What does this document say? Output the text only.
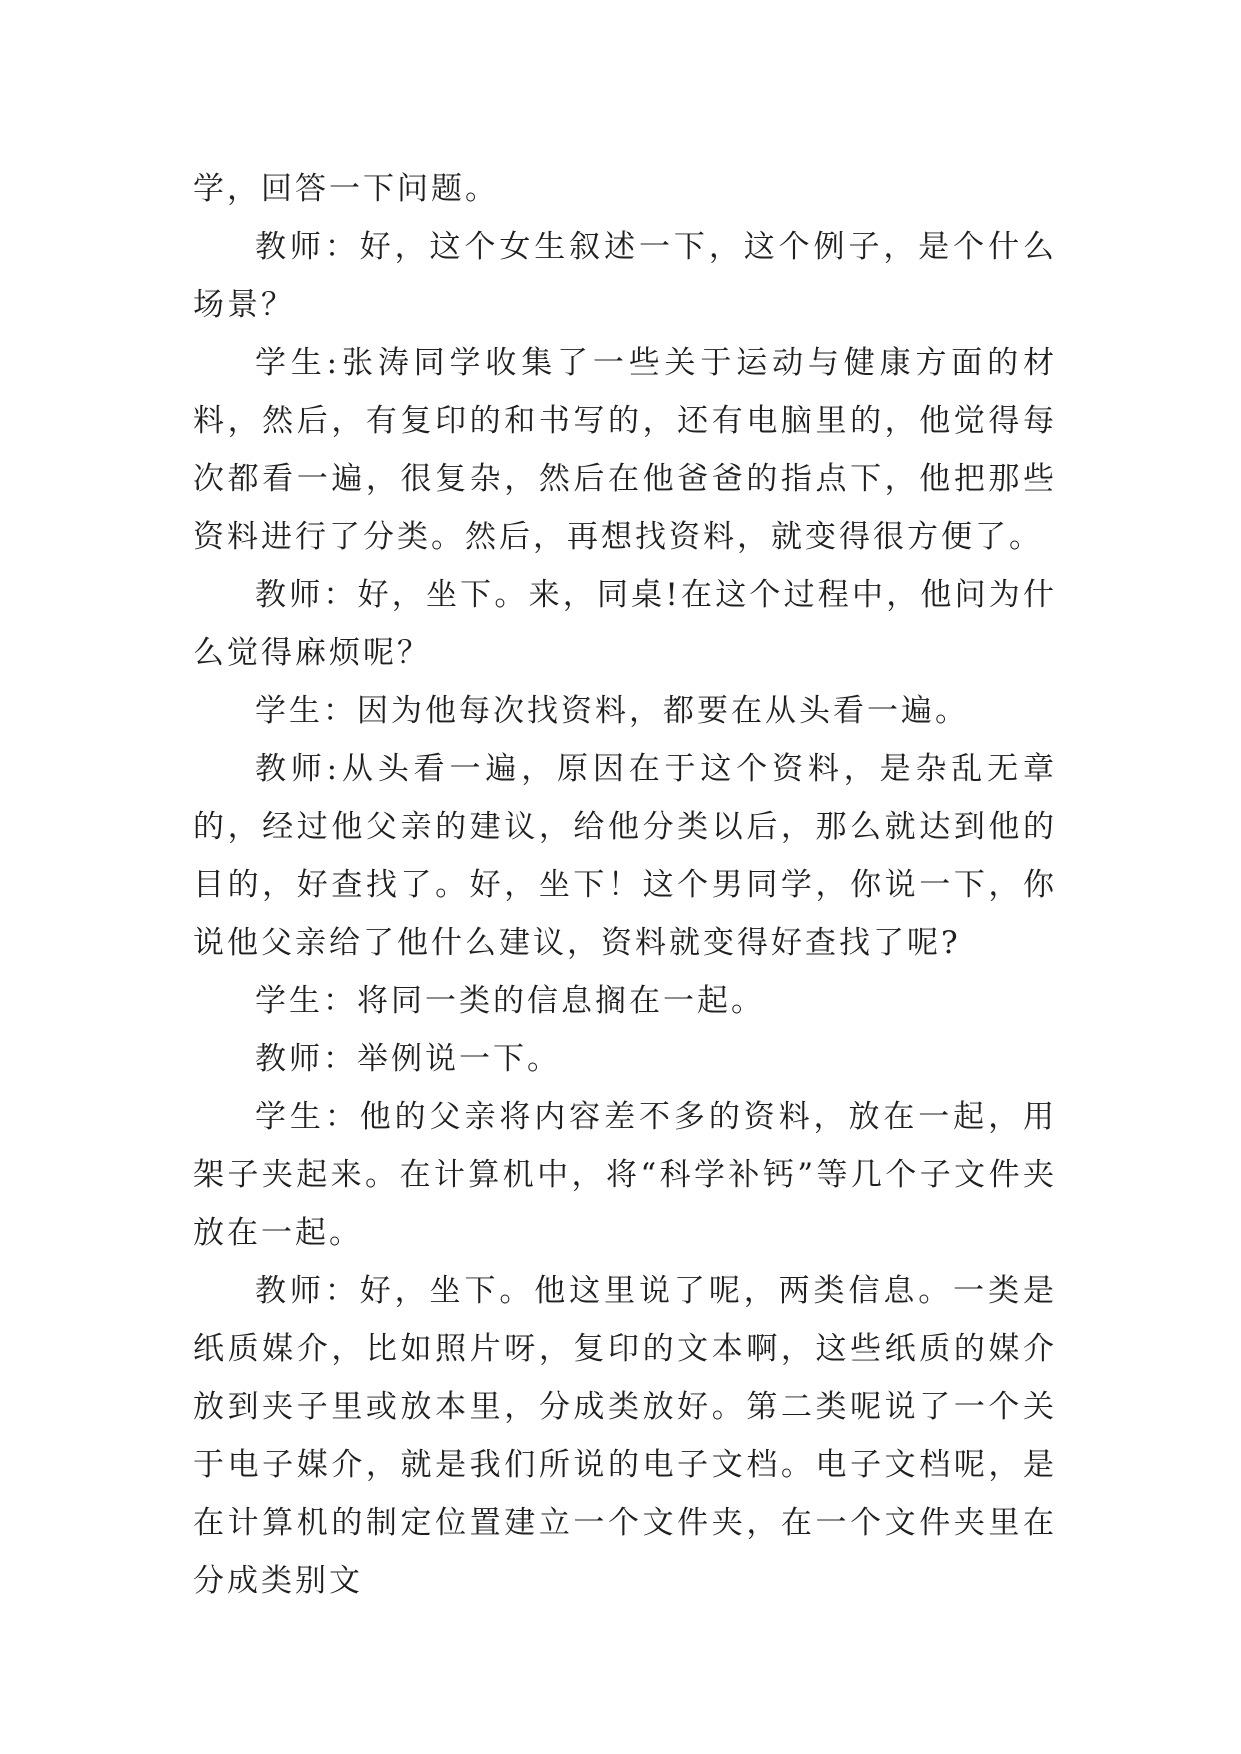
学，回答一下问题。

教师：好，这个女生叙述一下，这个例子，是个什么场景？

学生:张涛同学收集了一些关于运动与健康方面的材料，然后，有复印的和书写的，还有电脑里的，他觉得每次都看一遍，很复杂，然后在他爸爸的指点下，他把那些资料进行了分类。然后，再想找资料，就变得很方便了。

教师：好，坐下。来，同桌!在这个过程中，他问为什么觉得麻烦呢？

学生：因为他每次找资料，都要在从头看一遍。

教师:从头看一遍，原因在于这个资料，是杂乱无章的，经过他父亲的建议，给他分类以后，那么就达到他的目的，好查找了。好，坐下！这个男同学，你说一下，你说他父亲给了他什么建议，资料就变得好查找了呢?

学生：将同一类的信息搁在一起。

教师：举例说一下。

学生：他的父亲将内容差不多的资料，放在一起，用架子夹起来。在计算机中，将“科学补钙”等几个子文件夹放在一起。

教师：好，坐下。他这里说了呢，两类信息。一类是纸质媒介，比如照片呀，复印的文本啊，这些纸质的媒介放到夹子里或放本里，分成类放好。第二类呢说了一个关于电子媒介，就是我们所说的电子文档。电子文档呢，是在计算机的制定位置建立一个文件夹，在一个文件夹里在分成类别文
